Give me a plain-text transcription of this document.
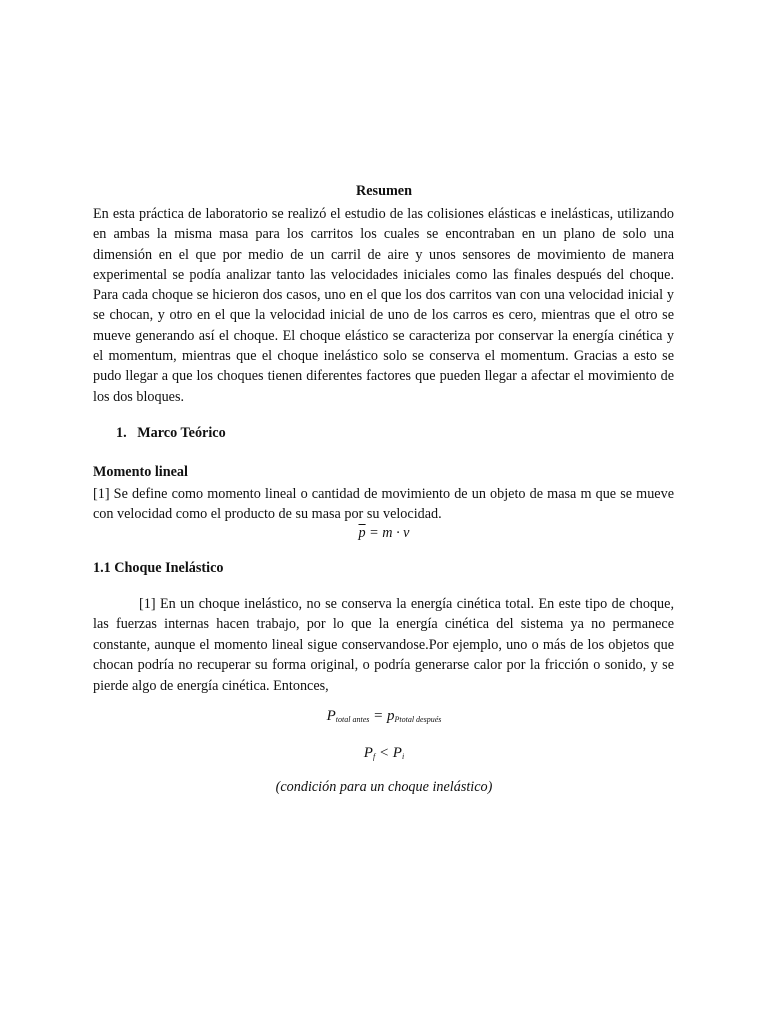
Resumen
En esta práctica de laboratorio se realizó el estudio de las colisiones elásticas e inelásticas, utilizando en ambas la misma masa para los carritos los cuales se encontraban en un plano de solo una dimensión en el que por medio de un carril de aire y unos sensores de movimiento de manera experimental se podía analizar tanto las velocidades iniciales como las finales después del choque. Para cada choque se hicieron dos casos, uno en el que los dos carritos van con una velocidad inicial y se chocan, y otro en el que la velocidad inicial de uno de los carros es cero, mientras que el otro se mueve generando así el choque. El choque elástico se caracteriza por conservar la energía cinética y el momentum, mientras que el choque inelástico solo se conserva el momentum. Gracias a esto se pudo llegar a que los choques tienen diferentes factores que pueden llegar a afectar el movimiento de los dos bloques.
1. Marco Teórico
Momento lineal
[1] Se define como momento lineal o cantidad de movimiento de un objeto de masa m que se mueve con velocidad como el producto de su masa por su velocidad.
$\overline{p} = m \cdot v$
1.1 Choque Inelástico
[1] En un choque inelástico, no se conserva la energía cinética total. En este tipo de choque, las fuerzas internas hacen trabajo, por lo que la energía cinética del sistema ya no permanece constante, aunque el momento lineal sigue conservandose.Por ejemplo, uno o más de los objetos que chocan podría no recuperar su forma original, o podría generarse calor por la fricción o sonido, y se pierde algo de energía cinética. Entonces,
$P_{total antes} = p_{Ptotal después}$
$P_f < P_i$
(condición para un choque inelástico)
